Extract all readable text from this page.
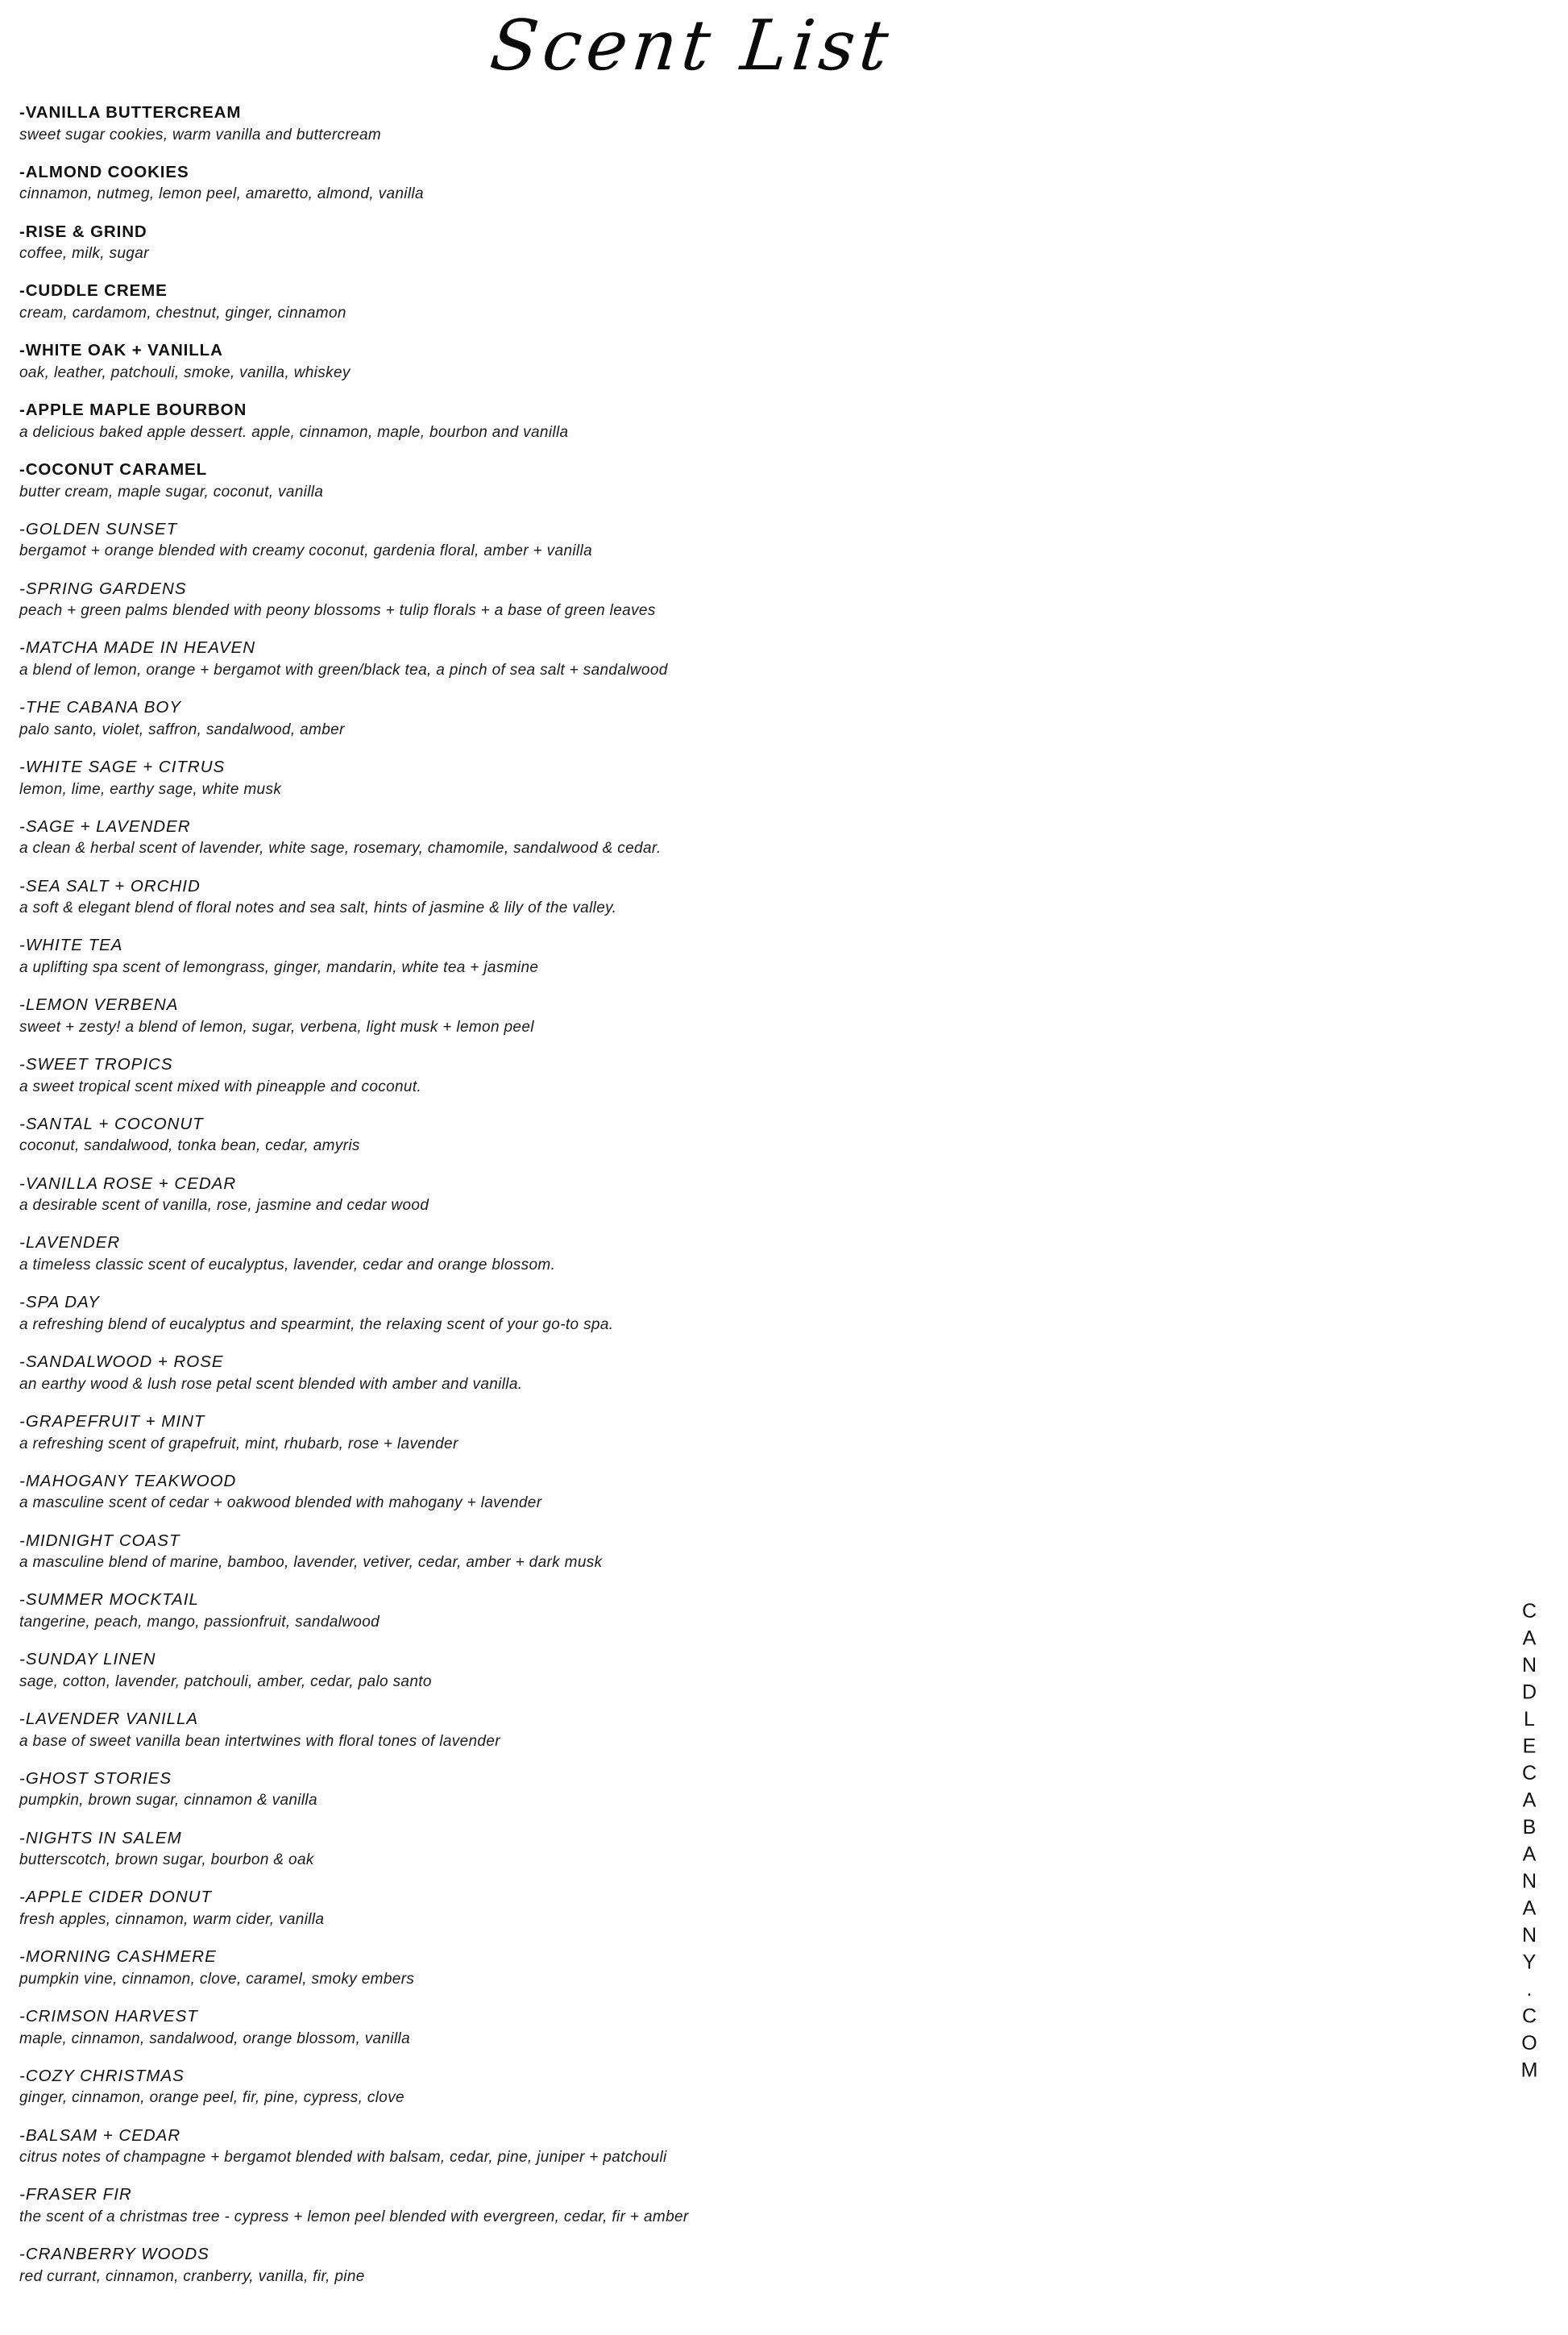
Scent List
-VANILLA BUTTERCREAM
sweet sugar cookies, warm vanilla and buttercream
-ALMOND COOKIES
cinnamon, nutmeg, lemon peel, amaretto, almond, vanilla
-RISE & GRIND
coffee, milk, sugar
-CUDDLE CREME
cream, cardamom, chestnut, ginger, cinnamon
-WHITE OAK + VANILLA
oak, leather, patchouli, smoke, vanilla, whiskey
-APPLE MAPLE BOURBON
a delicious baked apple dessert. apple, cinnamon, maple, bourbon and vanilla
-COCONUT CARAMEL
butter cream, maple sugar, coconut, vanilla
-GOLDEN SUNSET
bergamot + orange blended with creamy coconut, gardenia floral, amber + vanilla
-SPRING GARDENS
peach + green palms blended with peony blossoms + tulip florals + a base of green leaves
-MATCHA MADE IN HEAVEN
a blend of lemon, orange + bergamot with green/black tea, a pinch of sea salt + sandalwood
-THE CABANA BOY
palo santo, violet, saffron, sandalwood, amber
-WHITE SAGE + CITRUS
lemon, lime, earthy sage, white musk
-SAGE + LAVENDER
a clean & herbal scent of lavender, white sage, rosemary, chamomile, sandalwood & cedar.
-SEA SALT + ORCHID
a soft & elegant blend of floral notes and sea salt, hints of jasmine & lily of the valley.
-WHITE TEA
a uplifting spa scent of lemongrass, ginger, mandarin, white tea + jasmine
-LEMON VERBENA
sweet + zesty! a blend of lemon, sugar, verbena, light musk + lemon peel
-SWEET TROPICS
a sweet tropical scent mixed with pineapple and coconut.
-SANTAL + COCONUT
coconut, sandalwood, tonka bean, cedar, amyris
-VANILLA ROSE + CEDAR
a desirable scent of vanilla, rose, jasmine and cedar wood
-LAVENDER
a timeless classic scent of eucalyptus, lavender, cedar and orange blossom.
-SPA DAY
a refreshing blend of eucalyptus and spearmint, the relaxing scent of your go-to spa.
-SANDALWOOD + ROSE
an earthy wood & lush rose petal scent blended with amber and vanilla.
-GRAPEFRUIT + MINT
a refreshing scent of grapefruit, mint, rhubarb, rose + lavender
-MAHOGANY TEAKWOOD
a masculine scent of cedar + oakwood blended with mahogany + lavender
-MIDNIGHT COAST
a masculine blend of marine, bamboo, lavender, vetiver, cedar, amber + dark musk
-SUMMER MOCKTAIL
tangerine, peach, mango, passionfruit, sandalwood
-SUNDAY LINEN
sage, cotton, lavender, patchouli, amber, cedar, palo santo
-LAVENDER VANILLA
a base of sweet vanilla bean intertwines with floral tones of lavender
-GHOST STORIES
pumpkin, brown sugar, cinnamon & vanilla
-NIGHTS IN SALEM
butterscotch, brown sugar, bourbon & oak
-APPLE CIDER DONUT
fresh apples, cinnamon, warm cider, vanilla
-MORNING CASHMERE
pumpkin vine, cinnamon, clove, caramel, smoky embers
-CRIMSON HARVEST
maple, cinnamon, sandalwood, orange blossom, vanilla
-COZY CHRISTMAS
ginger, cinnamon, orange peel, fir, pine, cypress, clove
-BALSAM + CEDAR
citrus notes of champagne + bergamot blended with balsam, cedar, pine, juniper + patchouli
-FRASER FIR
the scent of a christmas tree - cypress + lemon peel blended with evergreen, cedar, fir + amber
-CRANBERRY WOODS
red currant, cinnamon, cranberry, vanilla, fir, pine
CANDLECABANANY.COM
